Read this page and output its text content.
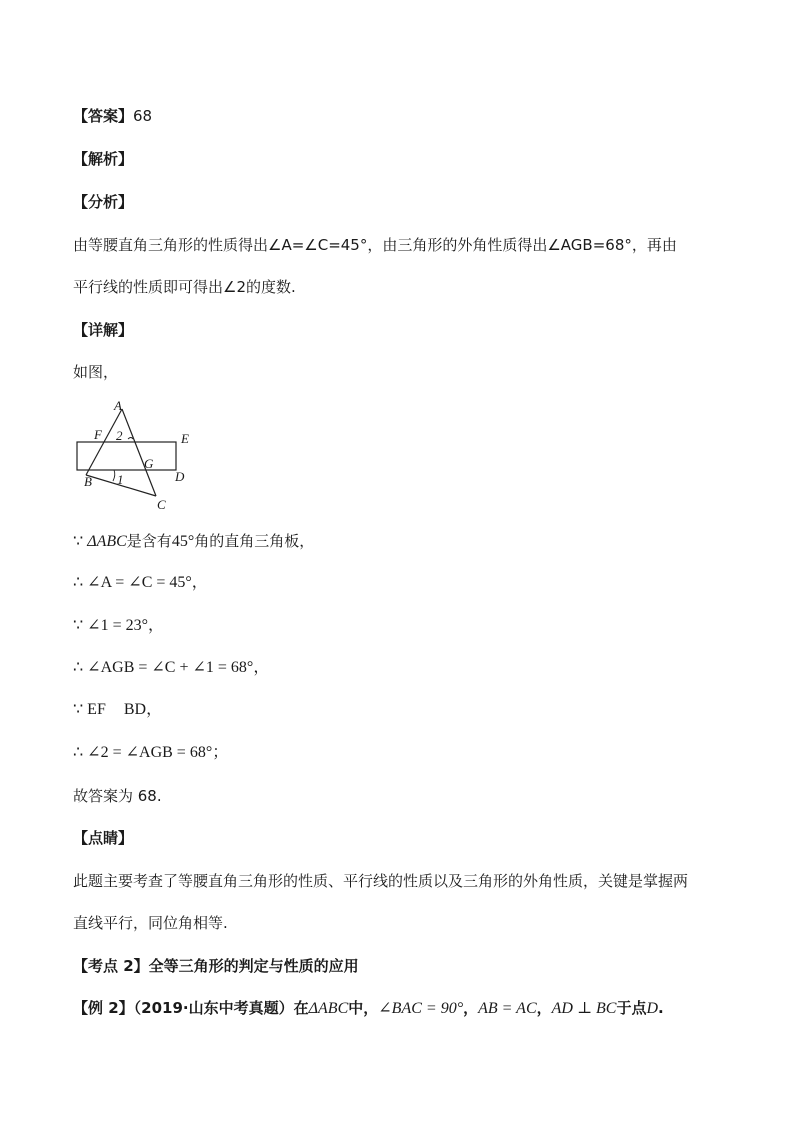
【答案】68
【解析】
【分析】
由等腰直角三角形的性质得出∠A=∠C=45°，由三角形的外角性质得出∠AGB=68°，再由
平行线的性质即可得出∠2的度数.
【详解】
如图，
A
F 2	E
G
D
B 1
C
∵ ΔABC是含有45°角的直角三角板，
∴ ∠A = ∠C = 45°，
∵ ∠1 = 23°，
∴ ∠AGB = ∠C + ∠1 = 68°，
∵ EF BD，
∴ ∠2 = ∠AGB = 68°；
故答案为 68.
【点睛】
此题主要考查了等腰直角三角形的性质、平行线的性质以及三角形的外角性质，关键是掌握两
直线平行，同位角相等.
【考点 2】全等三角形的判定与性质的应用
【例 2】（2019·山东中考真题）在ΔABC中，∠BAC = 90°，AB = AC，AD ⊥ BC于点D.
